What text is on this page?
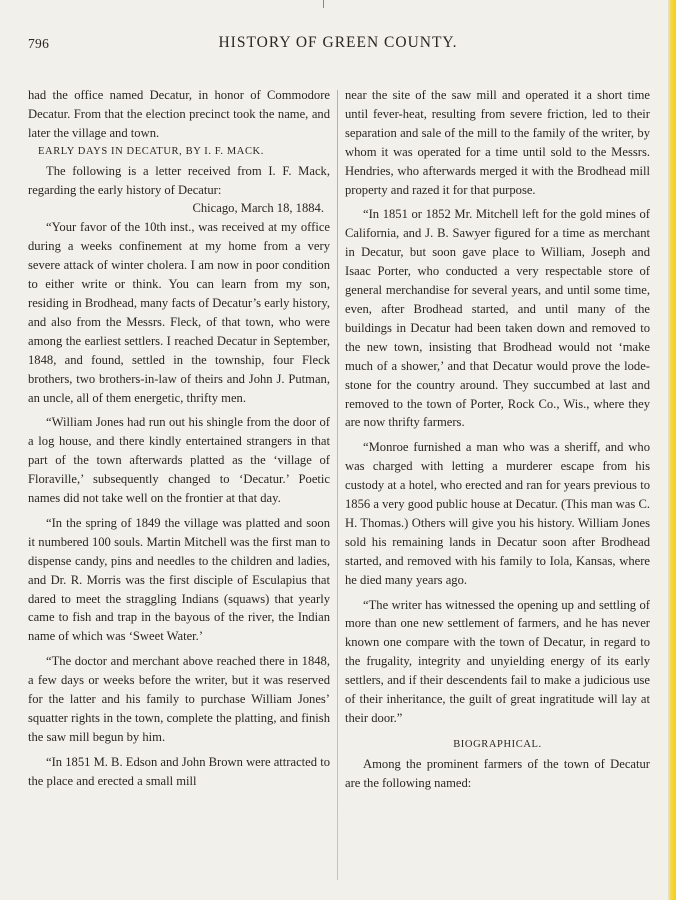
796	HISTORY OF GREEN COUNTY.

had the office named Decatur, in honor of Commodore Decatur. From that the election precinct took the name, and later the village and town.

EARLY DAYS IN DECATUR, BY I. F. MACK.

The following is a letter received from I. F. Mack, regarding the early history of Decatur:

Chicago, March 18, 1884.

“Your favor of the 10th inst., was received at my office during a weeks confinement at my home from a very severe attack of winter cholera. I am now in poor condition to either write or think. You can learn from my son, residing in Brodhead, many facts of Decatur’s early history, and also from the Messrs. Fleck, of that town, who were among the earliest settlers. I reached Decatur in September, 1848, and found, settled in the township, four Fleck brothers, two brothers-in-law of theirs and John J. Putman, an uncle, all of them energetic, thrifty men.

“William Jones had run out his shingle from the door of a log house, and there kindly entertained strangers in that part of the town afterwards platted as the ‘village of Floraville,’ subsequently changed to ‘Decatur.’ Poetic names did not take well on the frontier at that day.

“In the spring of 1849 the village was platted and soon it numbered 100 souls. Martin Mitchell was the first man to dispense candy, pins and needles to the children and ladies, and Dr. R. Morris was the first disciple of Esculapius that dared to meet the straggling Indians (squaws) that yearly came to fish and trap in the bayous of the river, the Indian name of which was ‘Sweet Water.’

“The doctor and merchant above reached there in 1848, a few days or weeks before the writer, but it was reserved for the latter and his family to purchase William Jones’ squatter rights in the town, complete the platting, and finish the saw mill begun by him.

“In 1851 M. B. Edson and John Brown were attracted to the place and erected a small mill

near the site of the saw mill and operated it a short time until fever-heat, resulting from severe friction, led to their separation and sale of the mill to the family of the writer, by whom it was operated for a time until sold to the Messrs. Hendries, who afterwards merged it with the Brodhead mill property and razed it for that purpose.

“In 1851 or 1852 Mr. Mitchell left for the gold mines of California, and J. B. Sawyer figured for a time as merchant in Decatur, but soon gave place to William, Joseph and Isaac Porter, who conducted a very respectable store of general merchandise for several years, and until some time, even, after Brodhead started, and until many of the buildings in Decatur had been taken down and removed to the new town, insisting that Brodhead would not ‘make much of a shower,’ and that Decatur would prove the lode-stone for the country around. They succumbed at last and removed to the town of Porter, Rock Co., Wis., where they are now thrifty farmers.

“Monroe furnished a man who was a sheriff, and who was charged with letting a murderer escape from his custody at a hotel, who erected and ran for years previous to 1856 a very good public house at Decatur. (This man was C. H. Thomas.) Others will give you his history. William Jones sold his remaining lands in Decatur soon after Brodhead started, and removed with his family to Iola, Kansas, where he died many years ago.

“The writer has witnessed the opening up and settling of more than one new settlement of farmers, and he has never known one compare with the town of Decatur, in regard to the frugality, integrity and unyielding energy of its early settlers, and if their descendents fail to make a judicious use of their inheritance, the guilt of great ingratitude will lay at their door.”

BIOGRAPHICAL.

Among the prominent farmers of the town of Decatur are the following named:
